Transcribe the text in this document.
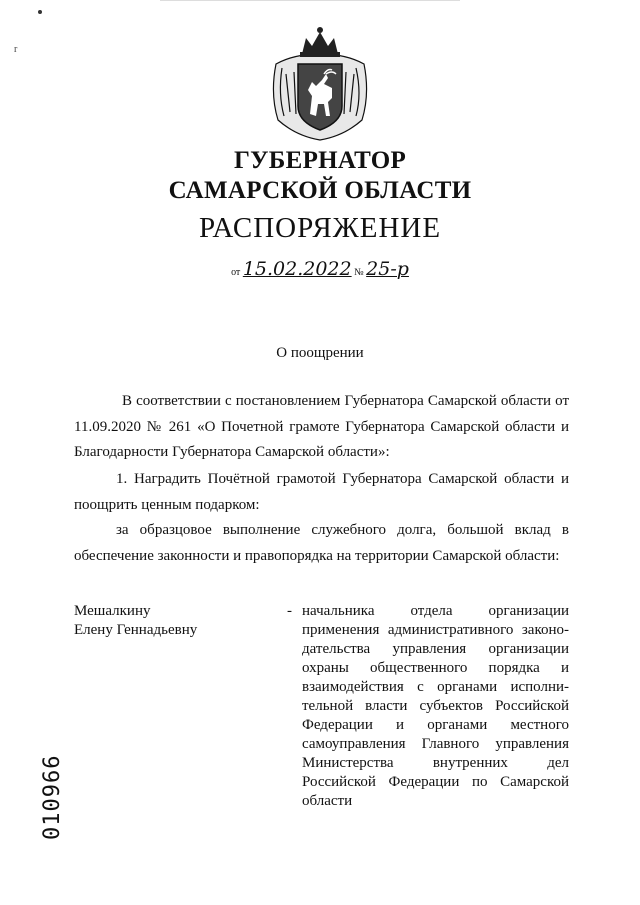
r
ГУБЕРНАТОР
САМАРСКОЙ ОБЛАСТИ
РАСПОРЯЖЕНИЕ
от 15.02.2022 № 25-р
О поощрении
В соответствии с постановлением Губернатора Самарской области от 11.09.2020 № 261 «О Почетной грамоте Губернатора Самарской области и Благодарности Губернатора Самарской области»:
1. Наградить Почётной грамотой Губернатора Самарской области и поощрить ценным подарком:
за образцовое выполнение служебного долга, большой вклад в обеспечение законности и правопорядка на территории Самарской области:
Мешалкину
Елену Геннадьевну
- начальника отдела организации
применения административного законо-
дательства управления организации
охраны общественного порядка и
взаимодействия с органами исполни-
тельной власти субъектов Российской
Федерации и органами местного
самоуправления Главного управления
Министерства внутренних дел
Российской Федерации по Самарской
области
010966
